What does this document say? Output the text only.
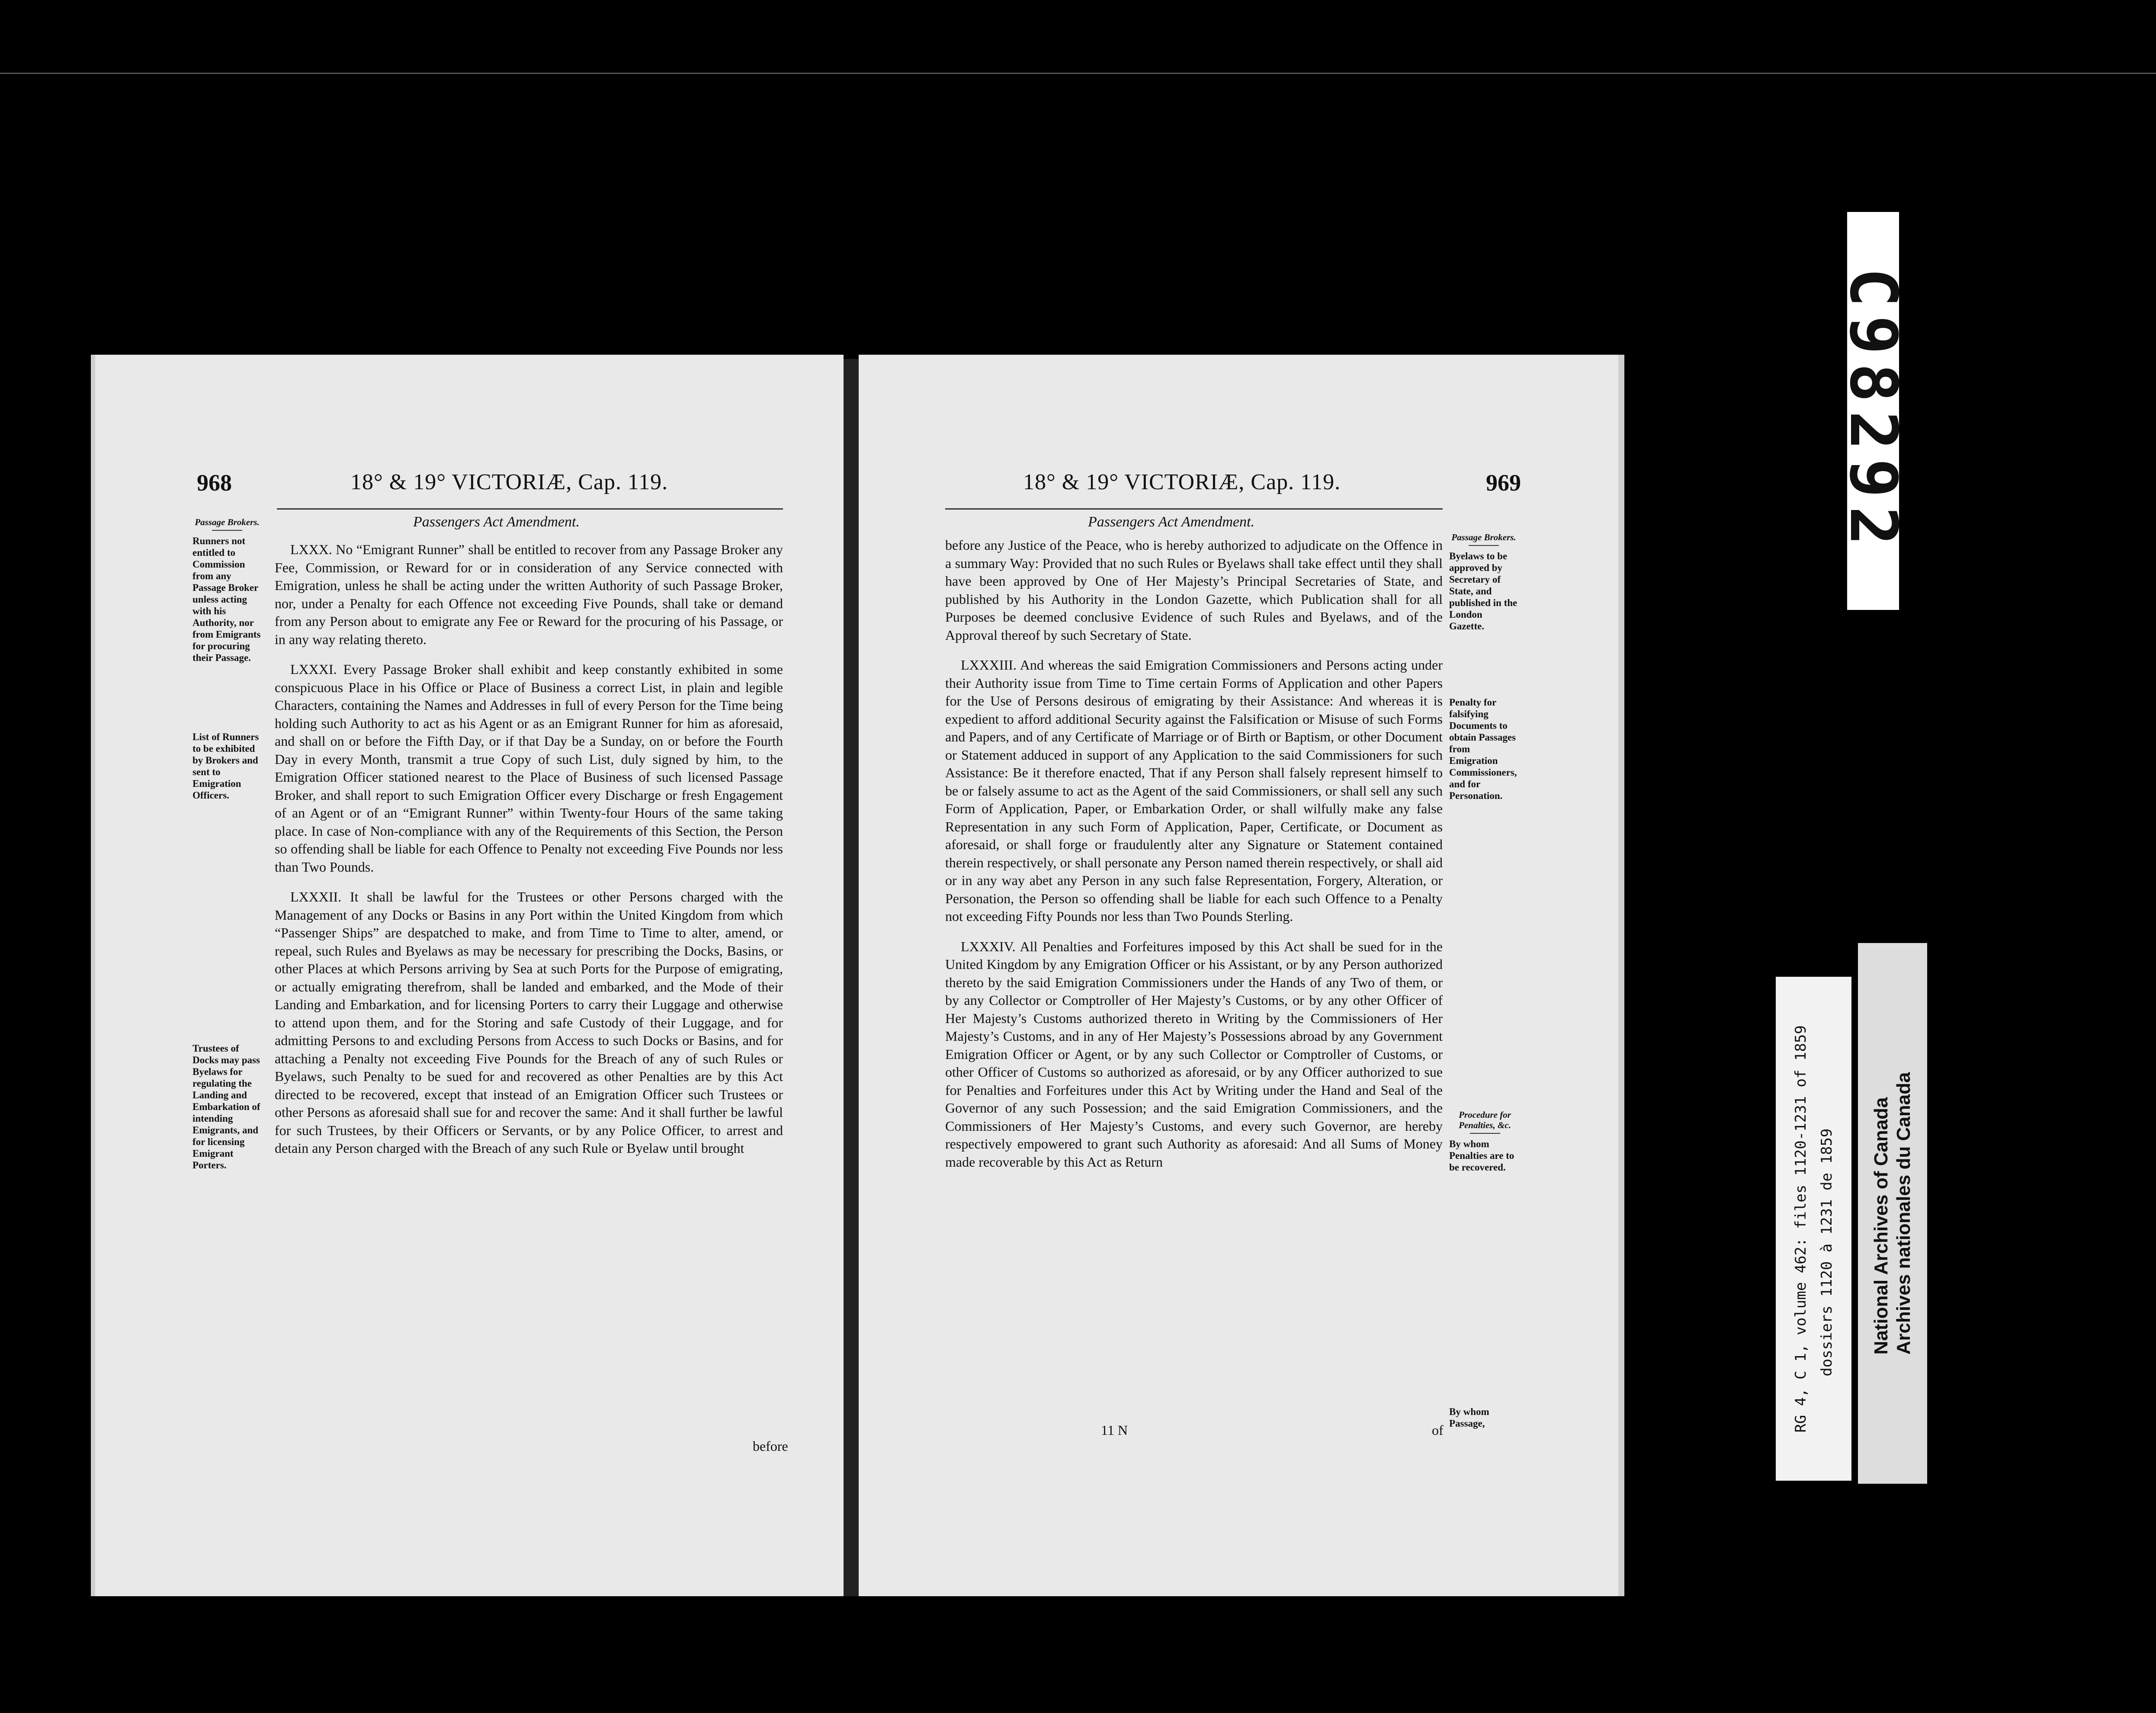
968	18° & 19° VICTORIÆ, Cap. 119.
Passengers Act Amendment.
Passage Brokers.
Runners not entitled to Commission from any Passage Broker unless acting with his Authority, nor from Emigrants for procuring their Passage.
List of Runners to be exhibited by Brokers and sent to Emigration Officers.
Trustees of Docks may pass Byelaws for regulating the Landing and Embarkation of intending Emigrants, and for licensing Emigrant Porters.

LXXX. No “Emigrant Runner” shall be entitled to recover from any Passage Broker any Fee, Commission, or Reward for or in consideration of any Service connected with Emigration, unless he shall be acting under the written Authority of such Passage Broker, nor, under a Penalty for each Offence not exceeding Five Pounds, shall take or demand from any Person about to emigrate any Fee or Reward for the procuring of his Passage, or in any way relating thereto.

LXXXI. Every Passage Broker shall exhibit and keep constantly exhibited in some conspicuous Place in his Office or Place of Business a correct List, in plain and legible Characters, containing the Names and Addresses in full of every Person for the Time being holding such Authority to act as his Agent or as an Emigrant Runner for him as aforesaid, and shall on or before the Fifth Day, or if that Day be a Sunday, on or before the Fourth Day in every Month, transmit a true Copy of such List, duly signed by him, to the Emigration Officer stationed nearest to the Place of Business of such licensed Passage Broker, and shall report to such Emigration Officer every Discharge or fresh Engagement of an Agent or of an “Emigrant Runner” within Twenty-four Hours of the same taking place. In case of Non-compliance with any of the Requirements of this Section, the Person so offending shall be liable for each Offence to Penalty not exceeding Five Pounds nor less than Two Pounds.

LXXXII. It shall be lawful for the Trustees or other Persons charged with the Management of any Docks or Basins in any Port within the United Kingdom from which “Passenger Ships” are despatched to make, and from Time to Time to alter, amend, or repeal, such Rules and Byelaws as may be necessary for prescribing the Docks, Basins, or other Places at which Persons arriving by Sea at such Ports for the Purpose of emigrating, or actually emigrating therefrom, shall be landed and embarked, and the Mode of their Landing and Embarkation, and for licensing Porters to carry their Luggage and otherwise to attend upon them, and for the Storing and safe Custody of their Luggage, and for admitting Persons to and excluding Persons from Access to such Docks or Basins, and for attaching a Penalty not exceeding Five Pounds for the Breach of any of such Rules or Byelaws, such Penalty to be sued for and recovered as other Penalties are by this Act directed to be recovered, except that instead of an Emigration Officer such Trustees or other Persons as aforesaid shall sue for and recover the same: And it shall further be lawful for such Trustees, by their Officers or Servants, or by any Police Officer, to arrest and detain any Person charged with the Breach of any such Rule or Byelaw until brought

before
18° & 19° VICTORIÆ, Cap. 119.	969
Passengers Act Amendment.

before any Justice of the Peace, who is hereby authorized to adjudicate on the Offence in a summary Way: Provided that no such Rules or Byelaws shall take effect until they shall have been approved by One of Her Majesty’s Principal Secretaries of State, and published by his Authority in the London Gazette, which Publication shall for all Purposes be deemed conclusive Evidence of such Rules and Byelaws, and of the Approval thereof by such Secretary of State.

LXXXIII. And whereas the said Emigration Commissioners and Persons acting under their Authority issue from Time to Time certain Forms of Application and other Papers for the Use of Persons desirous of emigrating by their Assistance: And whereas it is expedient to afford additional Security against the Falsification or Misuse of such Forms and Papers, and of any Certificate of Marriage or of Birth or Baptism, or other Document or Statement adduced in support of any Application to the said Commissioners for such Assistance: Be it therefore enacted, That if any Person shall falsely represent himself to be or falsely assume to act as the Agent of the said Commissioners, or shall sell any such Form of Application, Paper, or Embarkation Order, or shall wilfully make any false Representation in any such Form of Application, Paper, Certificate, or Document as aforesaid, or shall forge or fraudulently alter any Signature or Statement contained therein respectively, or shall personate any Person named therein respectively, or shall aid or in any way abet any Person in any such false Representation, Forgery, Alteration, or Personation, the Person so offending shall be liable for each such Offence to a Penalty not exceeding Fifty Pounds nor less than Two Pounds Sterling.

LXXXIV. All Penalties and Forfeitures imposed by this Act shall be sued for in the United Kingdom by any Emigration Officer or his Assistant, or by any Person authorized thereto by the said Emigration Commissioners under the Hands of any Two of them, or by any Collector or Comptroller of Her Majesty’s Customs, or by any other Officer of Her Majesty’s Customs authorized thereto in Writing by the Commissioners of Her Majesty’s Customs, and in any of Her Majesty’s Possessions abroad by any Government Emigration Officer or Agent, or by any such Collector or Comptroller of Customs, or other Officer of Customs so authorized as aforesaid, or by any Officer authorized to sue for Penalties and Forfeitures under this Act by Writing under the Hand and Seal of the Governor of any such Possession; and the said Emigration Commissioners, and the Commissioners of Her Majesty’s Customs, and every such Governor, are hereby respectively empowered to grant such Authority as aforesaid: And all Sums of Money made recoverable by this Act as Return

11 N	of
Passage Brokers.
Byelaws to be approved by Secretary of State, and published in the London Gazette.
Penalty for falsifying Documents to obtain Passages from Emigration Commissioners, and for Personation.
Procedure for Penalties, &c.
By whom Penalties are to be recovered.
By whom Passage,
C98292
RG 4, C 1, volume 462: files 1120-1231 of 1859 dossiers 1120 à 1231 de 1859 National Archives of Canada Archives nationales du Canada
